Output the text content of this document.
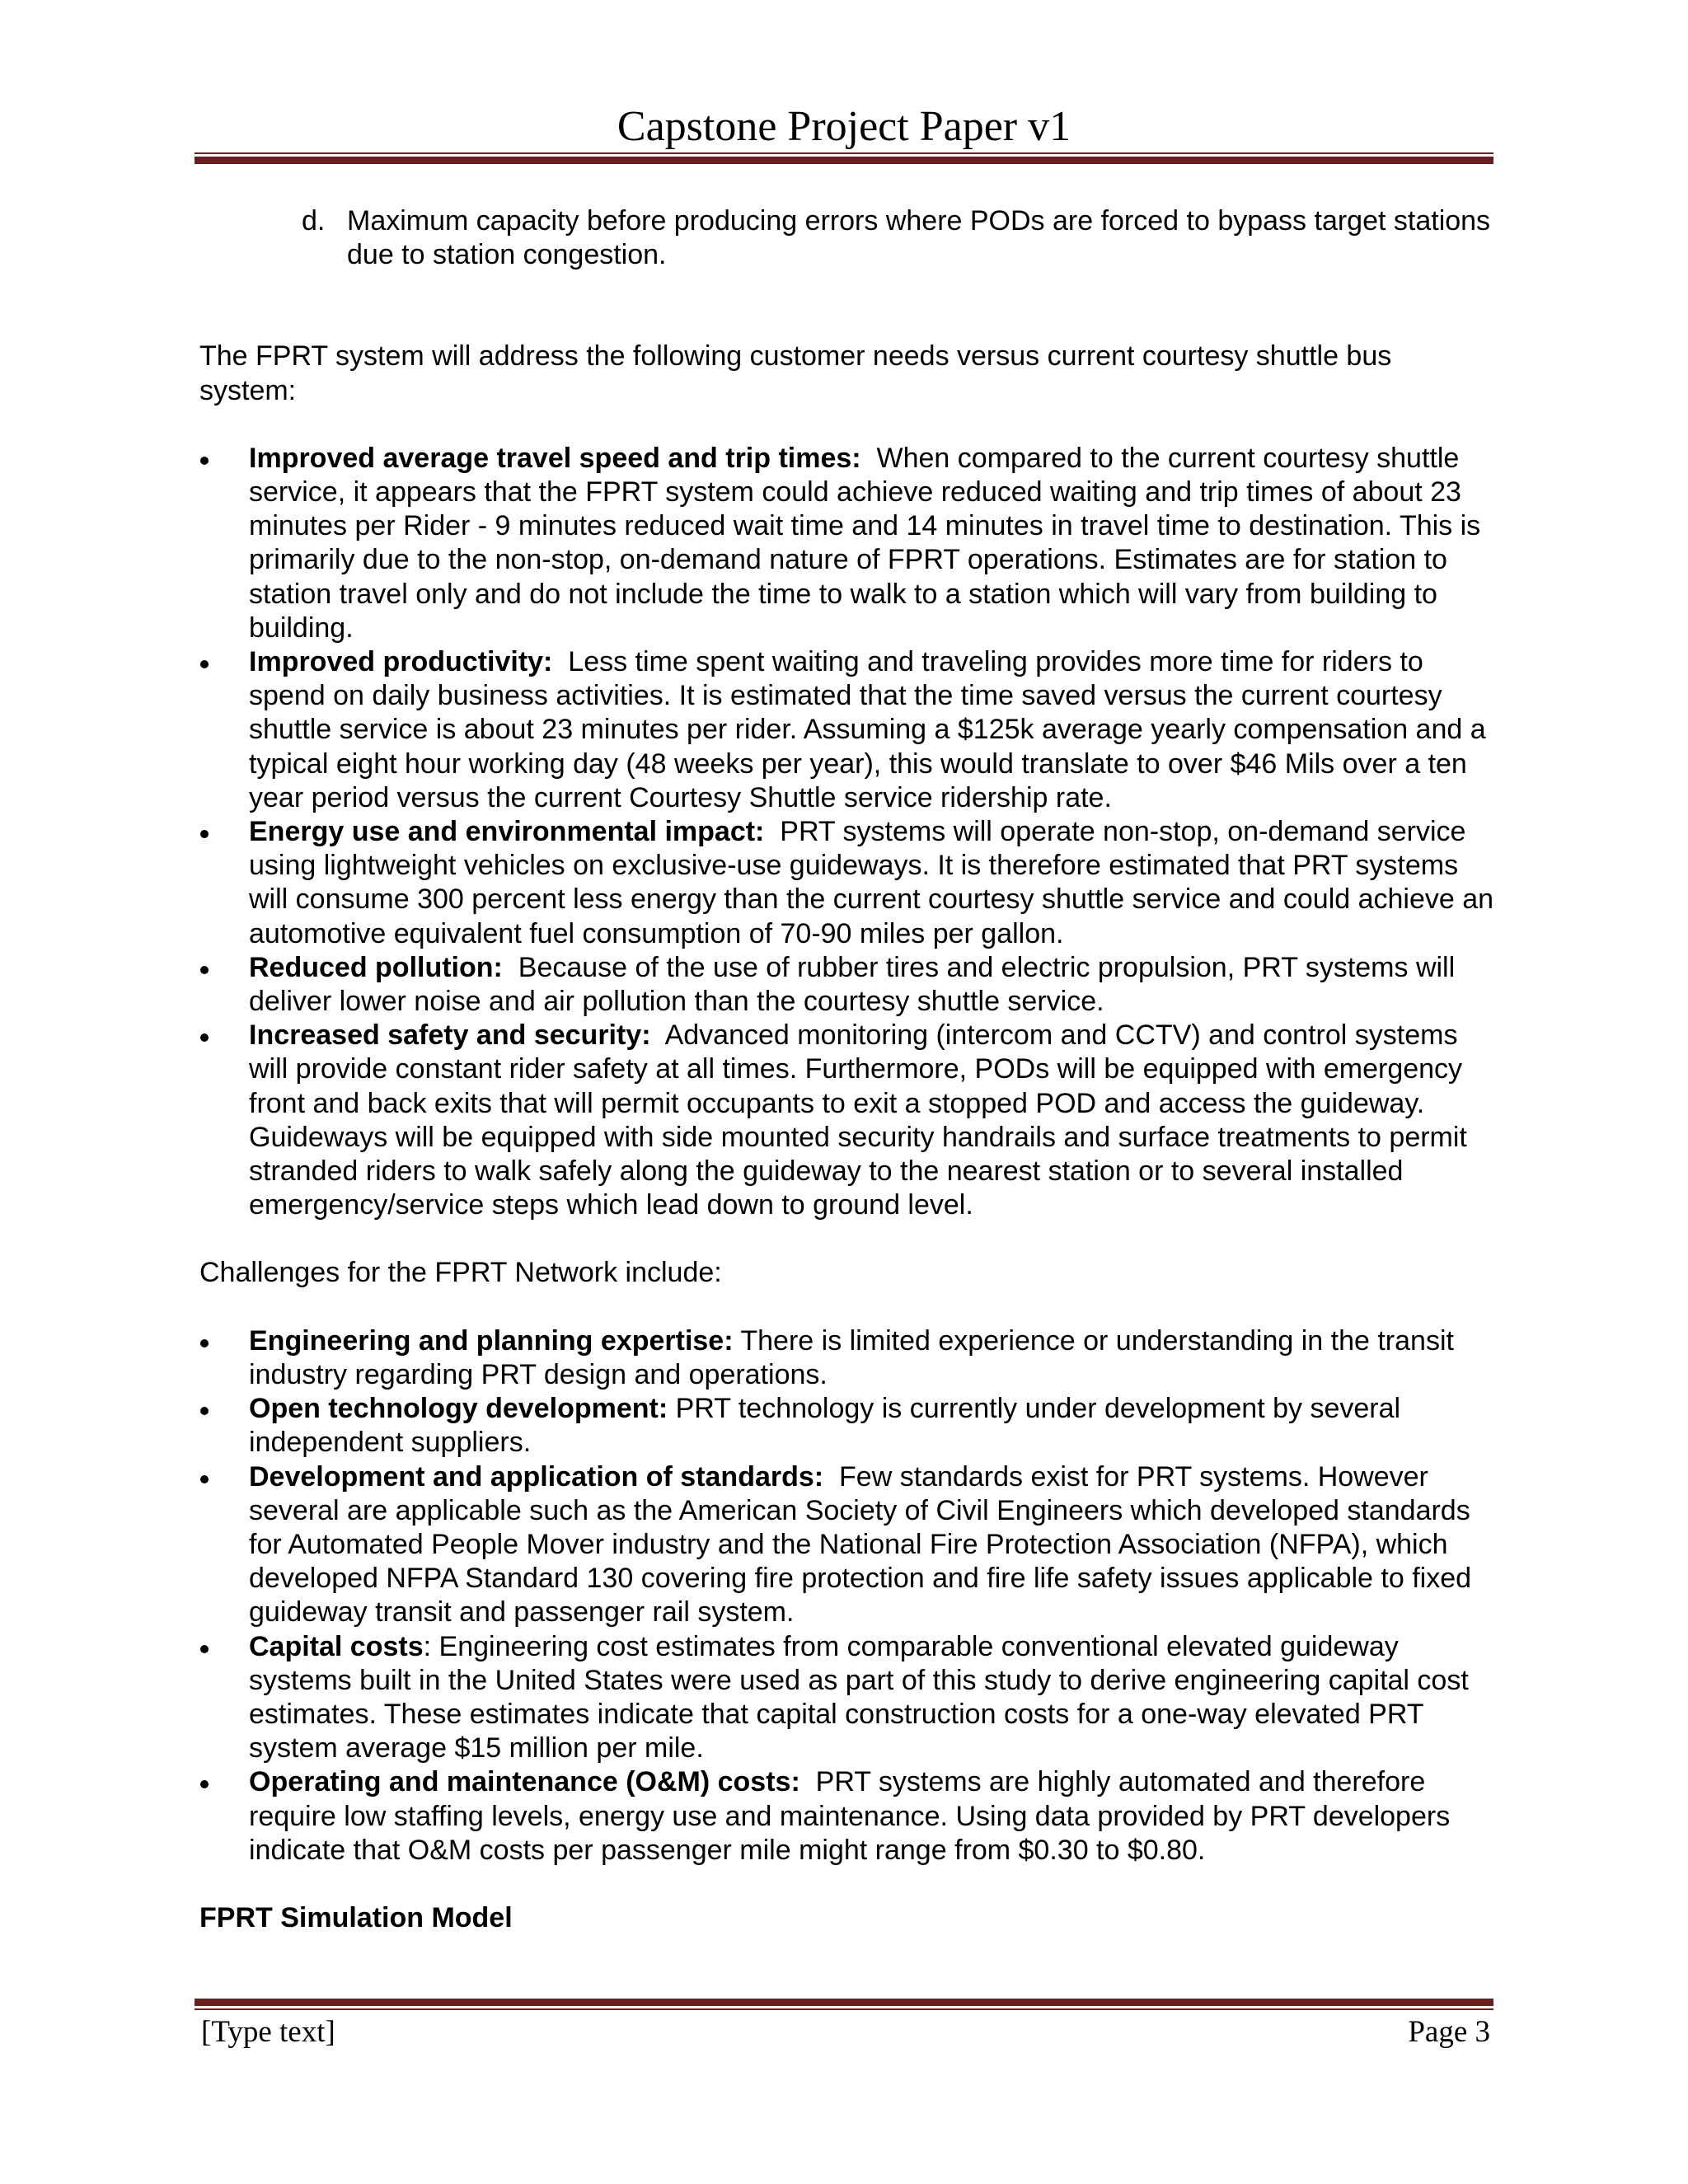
Capstone Project Paper v1
d. Maximum capacity before producing errors where PODs are forced to bypass target stations due to station congestion.

The FPRT system will address the following customer needs versus current courtesy shuttle bus system:

Improved average travel speed and trip times: When compared to the current courtesy shuttle service, it appears that the FPRT system could achieve reduced waiting and trip times of about 23 minutes per Rider - 9 minutes reduced wait time and 14 minutes in travel time to destination. This is primarily due to the non-stop, on-demand nature of FPRT operations. Estimates are for station to station travel only and do not include the time to walk to a station which will vary from building to building.
Improved productivity: Less time spent waiting and traveling provides more time for riders to spend on daily business activities. It is estimated that the time saved versus the current courtesy shuttle service is about 23 minutes per rider. Assuming a $125k average yearly compensation and a typical eight hour working day (48 weeks per year), this would translate to over $46 Mils over a ten year period versus the current Courtesy Shuttle service ridership rate.
Energy use and environmental impact: PRT systems will operate non-stop, on-demand service using lightweight vehicles on exclusive-use guideways. It is therefore estimated that PRT systems will consume 300 percent less energy than the current courtesy shuttle service and could achieve an automotive equivalent fuel consumption of 70-90 miles per gallon.
Reduced pollution: Because of the use of rubber tires and electric propulsion, PRT systems will deliver lower noise and air pollution than the courtesy shuttle service.
Increased safety and security: Advanced monitoring (intercom and CCTV) and control systems will provide constant rider safety at all times. Furthermore, PODs will be equipped with emergency front and back exits that will permit occupants to exit a stopped POD and access the guideway. Guideways will be equipped with side mounted security handrails and surface treatments to permit stranded riders to walk safely along the guideway to the nearest station or to several installed emergency/service steps which lead down to ground level.

Challenges for the FPRT Network include:

Engineering and planning expertise: There is limited experience or understanding in the transit industry regarding PRT design and operations.
Open technology development: PRT technology is currently under development by several independent suppliers.
Development and application of standards: Few standards exist for PRT systems. However several are applicable such as the American Society of Civil Engineers which developed standards for Automated People Mover industry and the National Fire Protection Association (NFPA), which developed NFPA Standard 130 covering fire protection and fire life safety issues applicable to fixed guideway transit and passenger rail system.
Capital costs: Engineering cost estimates from comparable conventional elevated guideway systems built in the United States were used as part of this study to derive engineering capital cost estimates. These estimates indicate that capital construction costs for a one-way elevated PRT system average $15 million per mile.
Operating and maintenance (O&M) costs: PRT systems are highly automated and therefore require low staffing levels, energy use and maintenance. Using data provided by PRT developers indicate that O&M costs per passenger mile might range from $0.30 to $0.80.

FPRT Simulation Model

[Type text]	Page 3
